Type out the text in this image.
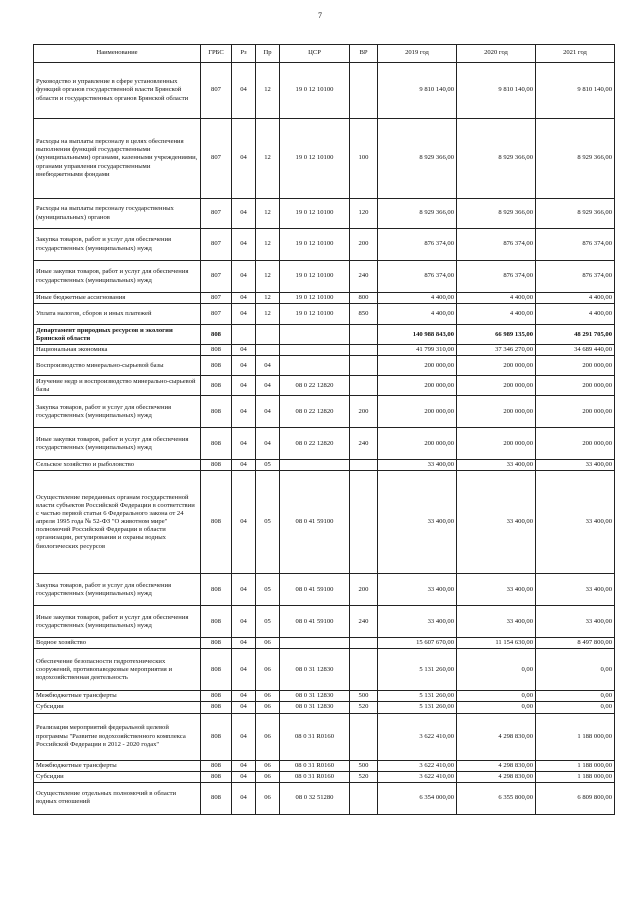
7
Наименование	ГРБС	Рз	Пр	ЦСР	ВР	2019 год	2020 год	2021 год
Руководство и управление в сфере установленных функций органов государственной власти Брянской области и государственных органов Брянской области	807	04	12	19 0 12 10100		9 810 140,00	9 810 140,00	9 810 140,00
Расходы на выплаты персоналу в целях обеспечения выполнения функций государственными (муниципальными) органами, казенными учреждениями, органами управления государственными внебюджетными фондами	807	04	12	19 0 12 10100	100	8 929 366,00	8 929 366,00	8 929 366,00
Расходы на выплаты персоналу государственных (муниципальных) органов	807	04	12	19 0 12 10100	120	8 929 366,00	8 929 366,00	8 929 366,00
Закупка товаров, работ и услуг для обеспечения государственных (муниципальных) нужд	807	04	12	19 0 12 10100	200	876 374,00	876 374,00	876 374,00
Иные закупки товаров, работ и услуг для обеспечения государственных (муниципальных) нужд	807	04	12	19 0 12 10100	240	876 374,00	876 374,00	876 374,00
Иные бюджетные ассигнования	807	04	12	19 0 12 10100	800	4 400,00	4 400,00	4 400,00
Уплата налогов, сборов и иных платежей	807	04	12	19 0 12 10100	850	4 400,00	4 400,00	4 400,00
Департамент природных ресурсов и экологии Брянской области	808					140 988 843,00	66 989 135,00	48 291 705,00
Национальная экономика	808	04				41 799 310,00	37 346 270,00	34 689 440,00
Воспроизводство минерально-сырьевой базы	808	04	04			200 000,00	200 000,00	200 000,00
Изучение недр и воспроизводство минерально-сырьевой базы	808	04	04	08 0 22 12820		200 000,00	200 000,00	200 000,00
Закупка товаров, работ и услуг для обеспечения государственных (муниципальных) нужд	808	04	04	08 0 22 12820	200	200 000,00	200 000,00	200 000,00
Иные закупки товаров, работ и услуг для обеспечения государственных (муниципальных) нужд	808	04	04	08 0 22 12820	240	200 000,00	200 000,00	200 000,00
Сельское хозяйство и рыболовство	808	04	05			33 400,00	33 400,00	33 400,00
Осуществление переданных органам государственной власти субъектов Российской Федерации в соответствии с частью первой статьи 6 Федерального закона от 24 апреля 1995 года № 52-ФЗ "О животном мире" полномочий Российской Федерации в области организации, регулирования и охраны водных биологических ресурсов	808	04	05	08 0 41 59100		33 400,00	33 400,00	33 400,00
Закупка товаров, работ и услуг для обеспечения государственных (муниципальных) нужд	808	04	05	08 0 41 59100	200	33 400,00	33 400,00	33 400,00
Иные закупки товаров, работ и услуг для обеспечения государственных (муниципальных) нужд	808	04	05	08 0 41 59100	240	33 400,00	33 400,00	33 400,00
Водное хозяйство	808	04	06			15 607 670,00	11 154 630,00	8 497 800,00
Обеспечение безопасности гидротехнических сооружений, противопаводковые мероприятия и водохозяйственная деятельность	808	04	06	08 0 31 12830		5 131 260,00	0,00	0,00
Межбюджетные трансферты	808	04	06	08 0 31 12830	500	5 131 260,00	0,00	0,00
Субсидии	808	04	06	08 0 31 12830	520	5 131 260,00	0,00	0,00
Реализация мероприятий федеральной целевой программы "Развитие водохозяйственного комплекса Российской Федерации в 2012 - 2020 годах"	808	04	06	08 0 31 R0160		3 622 410,00	4 298 830,00	1 188 000,00
Межбюджетные трансферты	808	04	06	08 0 31 R0160	500	3 622 410,00	4 298 830,00	1 188 000,00
Субсидии	808	04	06	08 0 31 R0160	520	3 622 410,00	4 298 830,00	1 188 000,00
Осуществление отдельных полномочий в области водных отношений	808	04	06	08 0 32 51280		6 354 000,00	6 355 800,00	6 809 800,00
